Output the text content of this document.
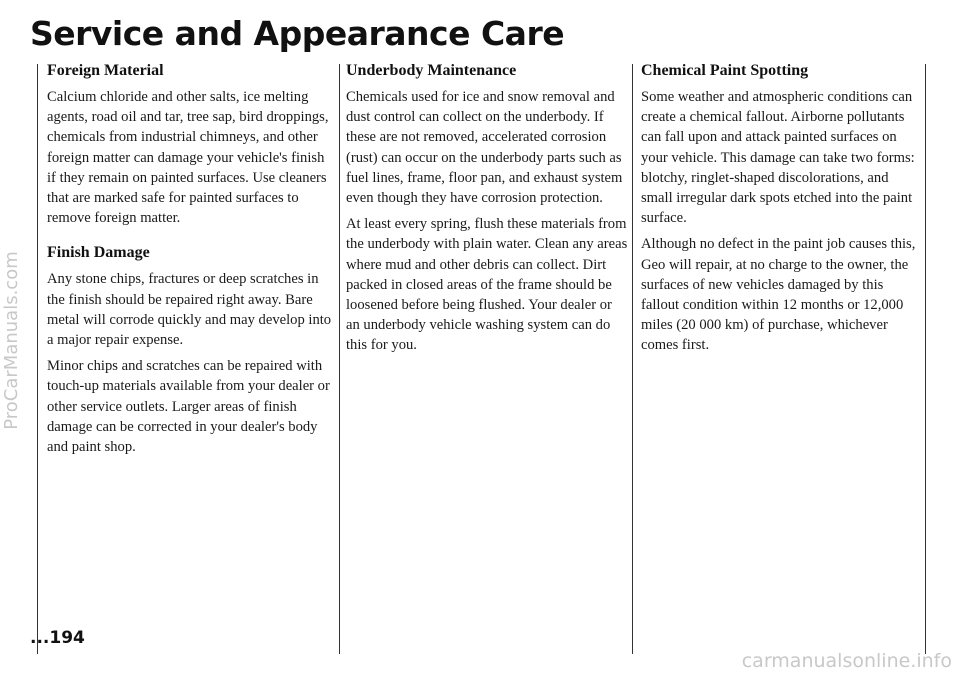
Service and Appearance Care
Foreign Material

Calcium chloride and other salts, ice melting agents, road oil and tar, tree sap, bird droppings, chemicals from industrial chimneys, and other foreign matter can damage your vehicle's finish if they remain on painted surfaces. Use cleaners that are marked safe for painted surfaces to remove foreign matter.

Finish Damage

Any stone chips, fractures or deep scratches in the finish should be repaired right away. Bare metal will corrode quickly and may develop into a major repair expense.

Minor chips and scratches can be repaired with touch-up materials available from your dealer or other service outlets. Larger areas of finish damage can be corrected in your dealer's body and paint shop.

Underbody Maintenance

Chemicals used for ice and snow removal and dust control can collect on the underbody. If these are not removed, accelerated corrosion (rust) can occur on the underbody parts such as fuel lines, frame, floor pan, and exhaust system even though they have corrosion protection.

At least every spring, flush these materials from the underbody with plain water. Clean any areas where mud and other debris can collect. Dirt packed in closed areas of the frame should be loosened before being flushed. Your dealer or an underbody vehicle washing system can do this for you.

Chemical Paint Spotting

Some weather and atmospheric conditions can create a chemical fallout. Airborne pollutants can fall upon and attack painted surfaces on your vehicle. This damage can take two forms: blotchy, ringlet-shaped discolorations, and small irregular dark spots etched into the paint surface.

Although no defect in the paint job causes this, Geo will repair, at no charge to the owner, the surfaces of new vehicles damaged by this fallout condition within 12 months or 12,000 miles (20 000 km) of purchase, whichever comes first.

...194

ProCarManuals.com
carmanualsonline.info
